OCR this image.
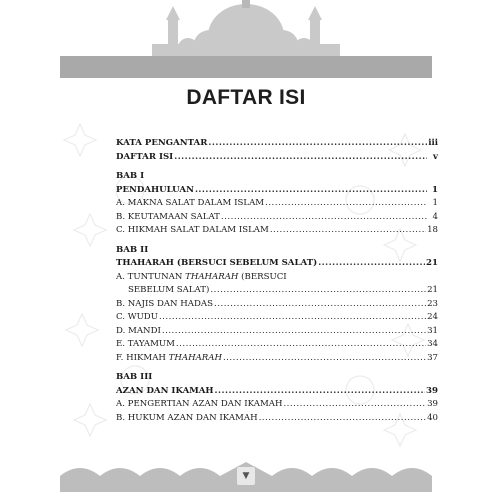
DAFTAR ISI
KATA PENGANTAR .....	iii
DAFTAR ISI .....	v
BAB I
PENDAHULUAN .....	1
A. MAKNA SALAT DALAM ISLAM .....	1
B. KEUTAMAAN SALAT .....	4
C. HIKMAH SALAT DALAM ISLAM .....	18
BAB II
THAHARAH (BERSUCI SEBELUM SALAT) .....	21
A. TUNTUNAN THAHARAH (BERSUCI
SEBELUM SALAT) .....	21
B. NAJIS DAN HADAS .....	23
C. WUDU .....	24
D. MANDI .....	31
E. TAYAMUM .....	34
F. HIKMAH THAHARAH .....	37
BAB III
AZAN DAN IKAMAH .....	39
A. PENGERTIAN AZAN DAN IKAMAH .....	39
B. HUKUM AZAN DAN IKAMAH .....	40
▼
